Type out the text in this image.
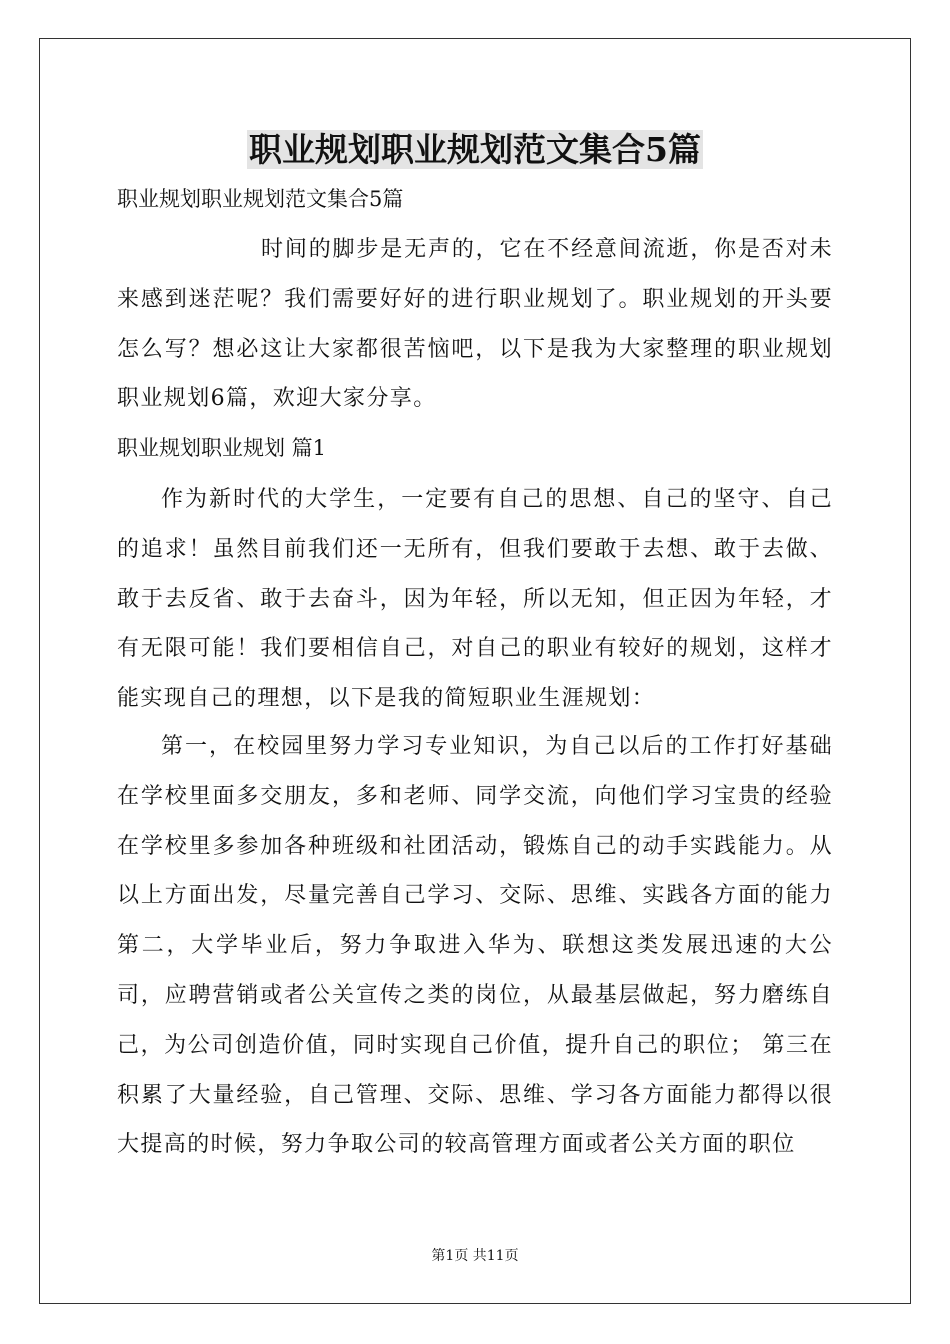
职业规划职业规划范文集合5篇
职业规划职业规划范文集合5篇
时间的脚步是无声的，它在不经意间流逝，你是否对未来感到迷茫呢？我们需要好好的进行职业规划了。职业规划的开头要怎么写？想必这让大家都很苦恼吧，以下是我为大家整理的职业规划职业规划6篇，欢迎大家分享。
职业规划职业规划 篇1
作为新时代的大学生，一定要有自己的思想、自己的坚守、自己的追求！虽然目前我们还一无所有，但我们要敢于去想、敢于去做、敢于去反省、敢于去奋斗，因为年轻，所以无知，但正因为年轻，才有无限可能！我们要相信自己，对自己的职业有较好的规划，这样才能实现自己的理想，以下是我的简短职业生涯规划：
第一，在校园里努力学习专业知识，为自己以后的工作打好基础在学校里面多交朋友，多和老师、同学交流，向他们学习宝贵的经验在学校里多参加各种班级和社团活动，锻炼自己的动手实践能力。从以上方面出发，尽量完善自己学习、交际、思维、实践各方面的能力 第二，大学毕业后，努力争取进入华为、联想这类发展迅速的大公司，应聘营销或者公关宣传之类的岗位，从最基层做起，努力磨练自己，为公司创造价值，同时实现自己价值，提升自己的职位； 第三在积累了大量经验，自己管理、交际、思维、学习各方面能力都得以很大提高的时候，努力争取公司的较高管理方面或者公关方面的职位
第1页 共11页
